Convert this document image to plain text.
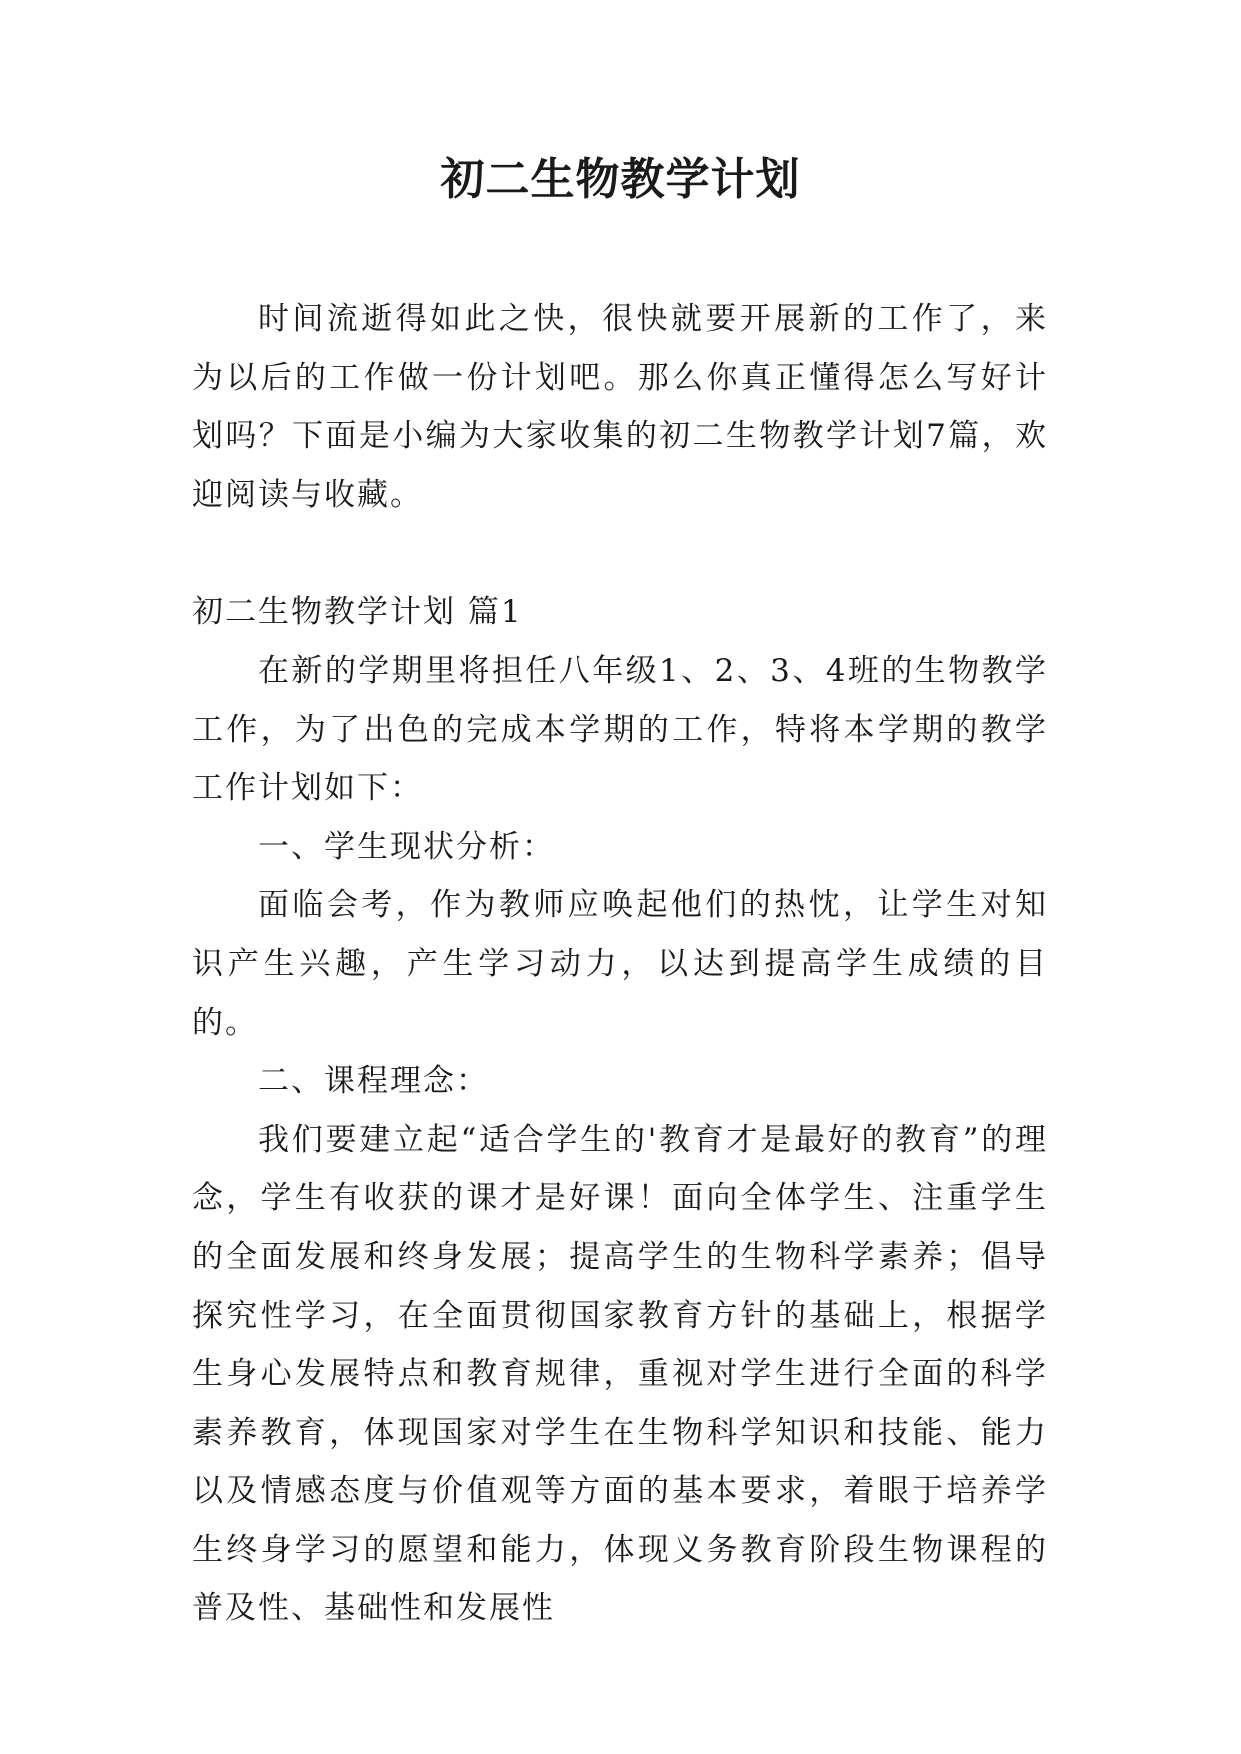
初二生物教学计划

时间流逝得如此之快，很快就要开展新的工作了，来为以后的工作做一份计划吧。那么你真正懂得怎么写好计划吗？下面是小编为大家收集的初二生物教学计划7篇，欢迎阅读与收藏。

初二生物教学计划 篇1

在新的学期里将担任八年级1、2、3、4班的生物教学工作，为了出色的完成本学期的工作，特将本学期的教学工作计划如下：

一、学生现状分析：

面临会考，作为教师应唤起他们的热忱，让学生对知识产生兴趣，产生学习动力，以达到提高学生成绩的目的。

二、课程理念：

我们要建立起“适合学生的'教育才是最好的教育”的理念，学生有收获的课才是好课！面向全体学生、注重学生的全面发展和终身发展；提高学生的生物科学素养；倡导探究性学习，在全面贯彻国家教育方针的基础上，根据学生身心发展特点和教育规律，重视对学生进行全面的科学素养教育，体现国家对学生在生物科学知识和技能、能力以及情感态度与价值观等方面的基本要求，着眼于培养学生终身学习的愿望和能力，体现义务教育阶段生物课程的普及性、基础性和发展性
